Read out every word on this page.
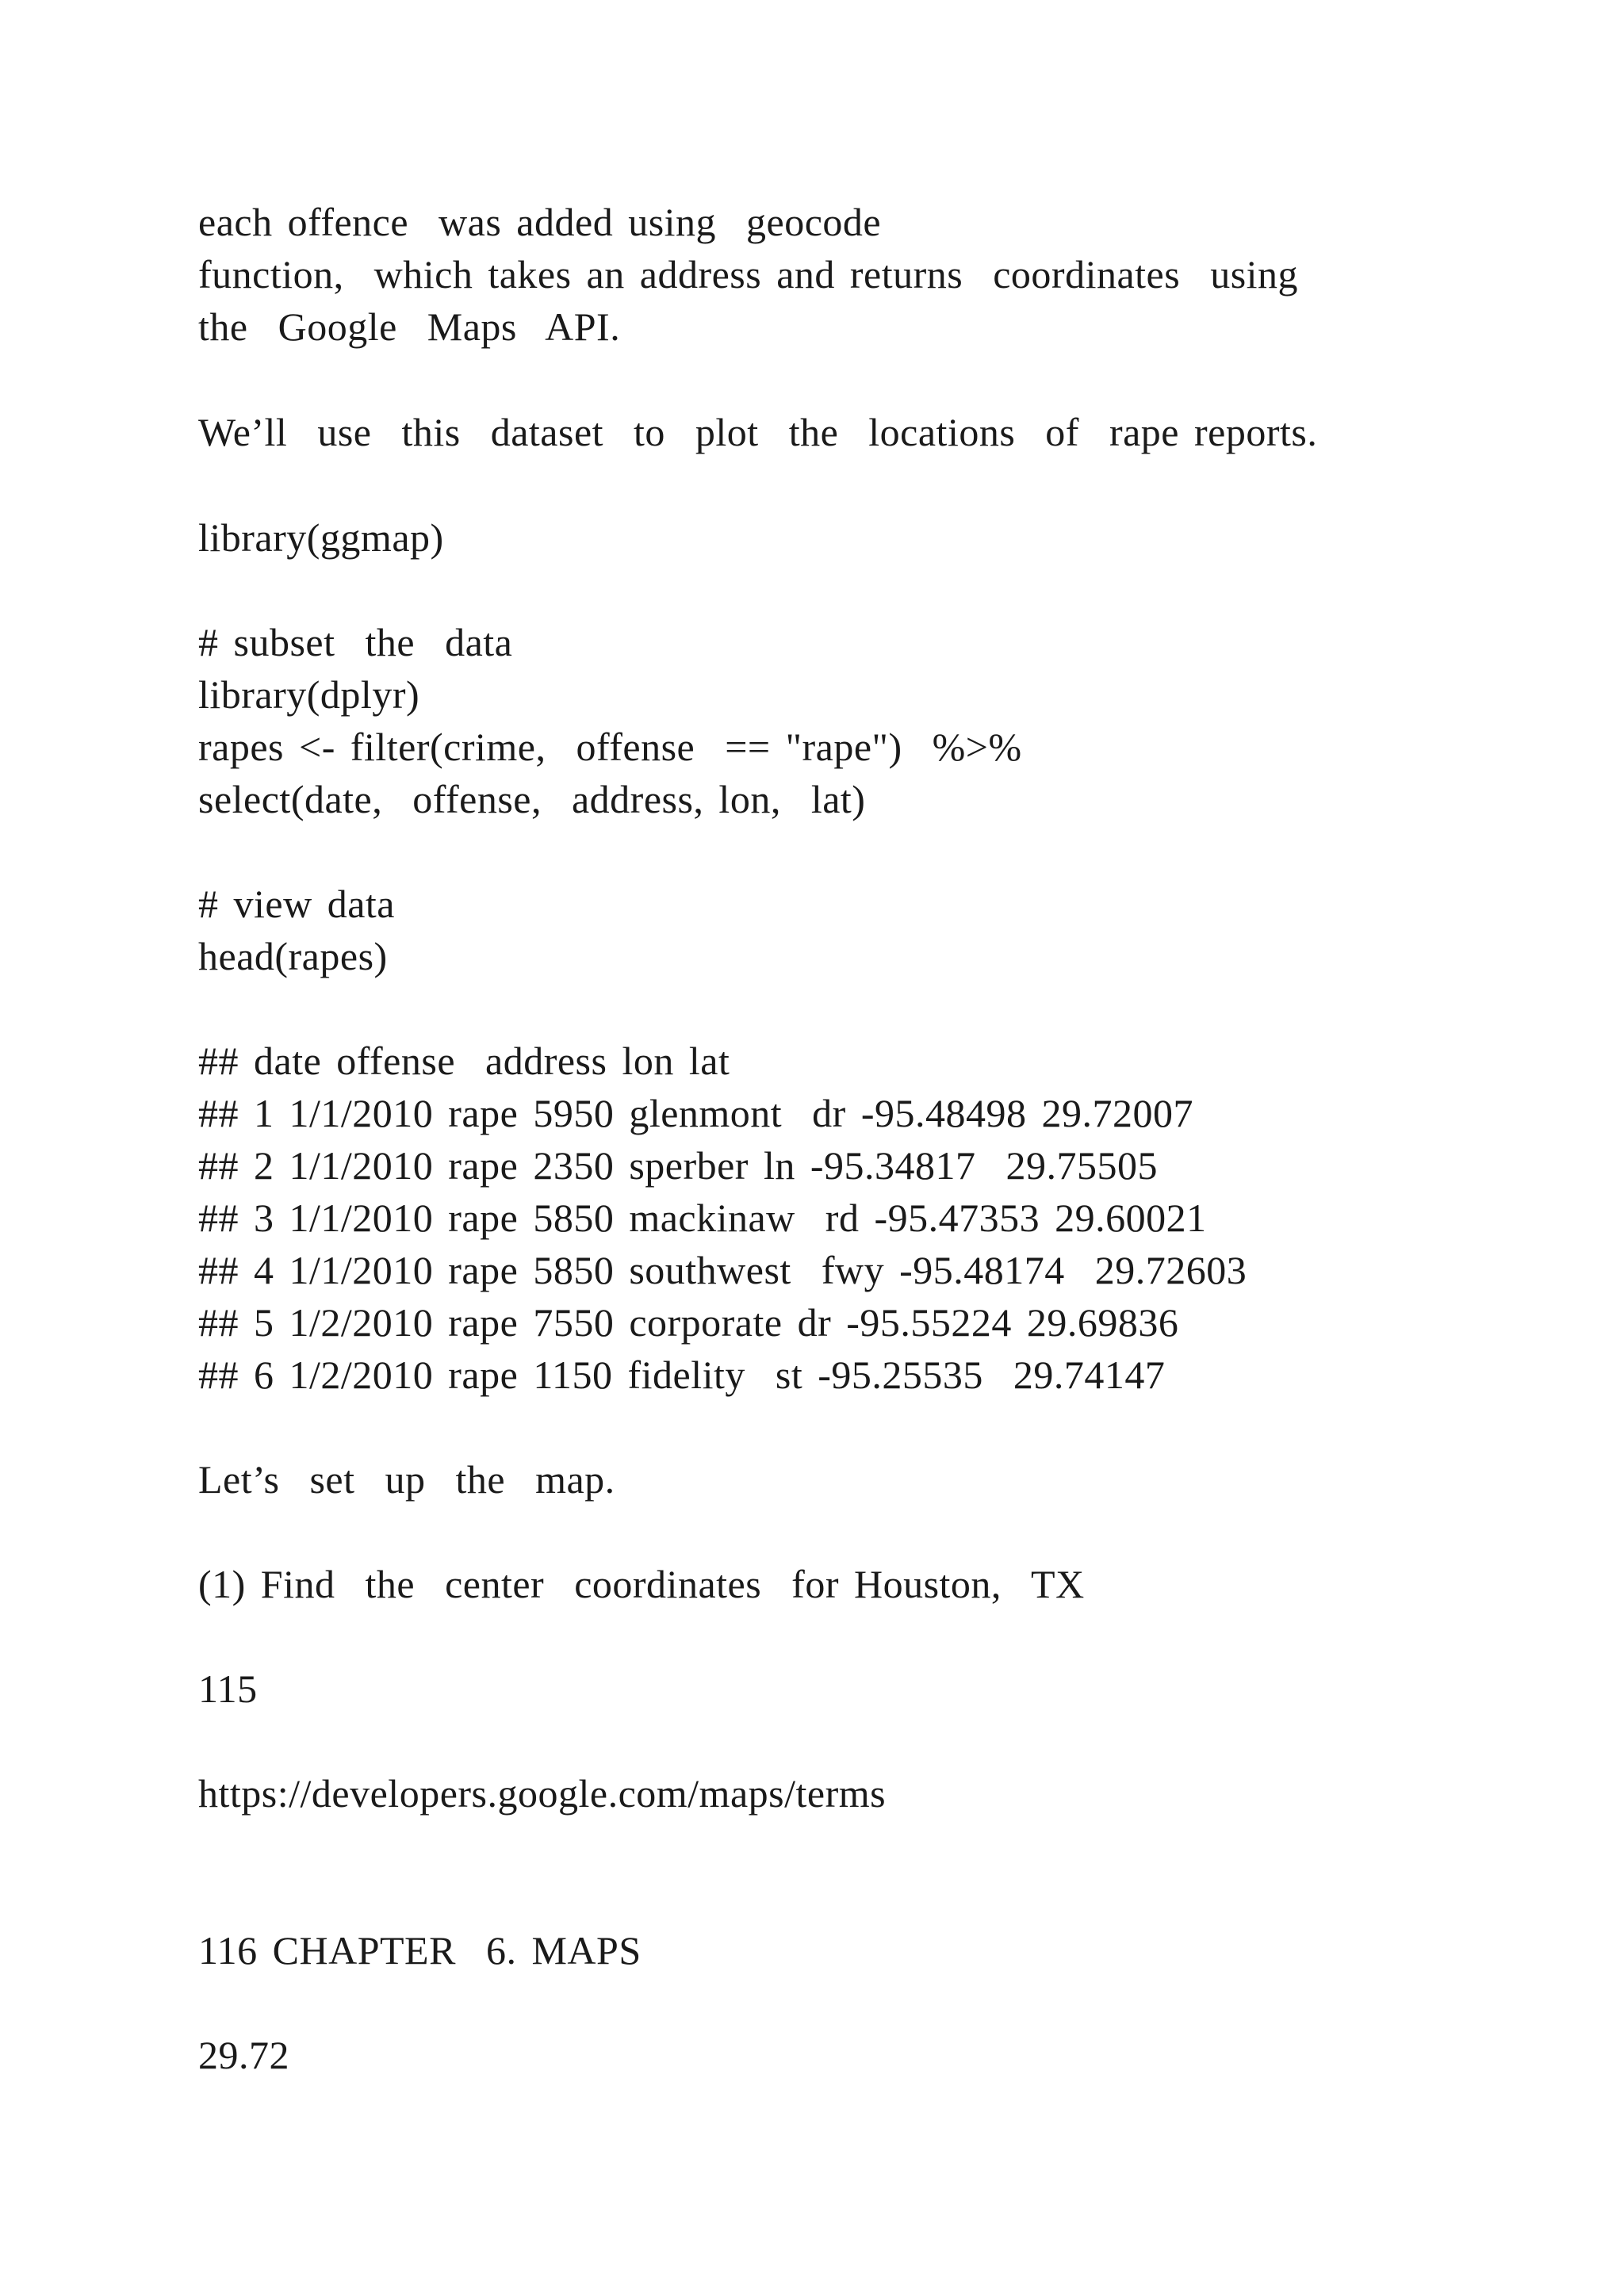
each offence  was added using  geocode
function,  which takes an address and returns  coordinates  using
the  Google  Maps  API.
We’ll  use  this  dataset  to  plot  the  locations  of  rape reports.
library(ggmap)
# subset  the  data
library(dplyr)
rapes <- filter(crime,  offense  == "rape")  %>%
select(date,  offense,  address, lon,  lat)
# view data
head(rapes)
## date offense  address lon lat
## 1 1/1/2010 rape 5950 glenmont  dr -95.48498 29.72007
## 2 1/1/2010 rape 2350 sperber ln -95.34817  29.75505
## 3 1/1/2010 rape 5850 mackinaw  rd -95.47353 29.60021
## 4 1/1/2010 rape 5850 southwest  fwy -95.48174  29.72603
## 5 1/2/2010 rape 7550 corporate dr -95.55224 29.69836
## 6 1/2/2010 rape 1150 fidelity  st -95.25535  29.74147
Let’s  set  up  the  map.
(1) Find  the  center  coordinates  for Houston,  TX
115
https://developers.google.com/maps/terms
116 CHAPTER  6. MAPS
29.72
